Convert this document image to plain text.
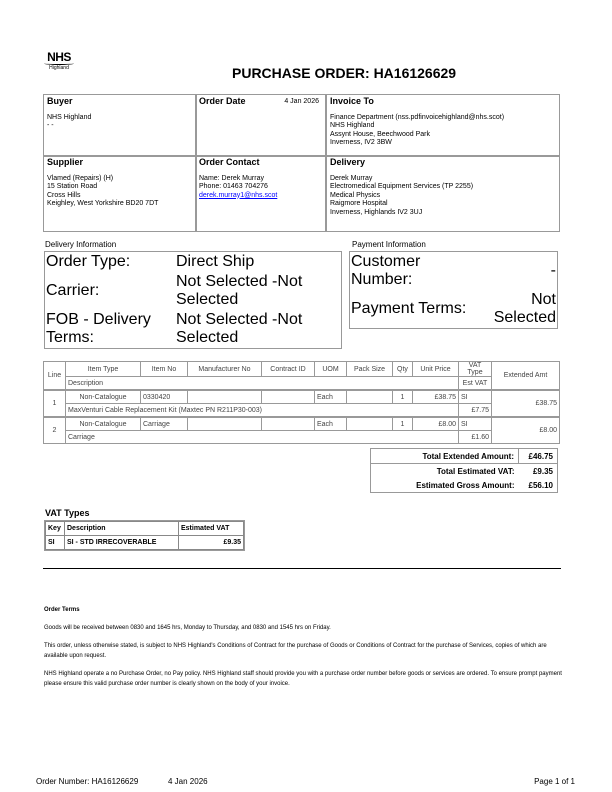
NHS
Highland	PURCHASE ORDER: HA16126629
Buyer
NHS Highland
- -
Order Date	4 Jan 2026 Invoice To
Finance Department (nss.pdfinvoicehighland@nhs.scot)
NHS Highland
Assynt House, Beechwood Park
Inverness, IV2 3BW
Supplier
Vlamed (Repairs) (H)
15 Station Road
Cross Hills
Keighley, West Yorkshire BD20 7DT
Order Contact
Name: Derek Murray
Phone: 01463 704276
derek.murray1@nhs.scot
Delivery
Derek Murray
Electromedical Equipment Services (TP 2255)
Medical Physics
Raigmore Hospital
Inverness, Highlands IV2 3UJ
Delivery Information
Order Type:	Direct Ship
Carrier:	Not Selected -Not Selected
FOB - Delivery Terms:	Not Selected -Not Selected
Payment Information
Customer Number:	-
Payment Terms:	Not Selected
Line	Item Type	Item No	Manufacturer No	Contract ID	UOM	Pack Size	Qty	Unit Price	VAT Type	Extended Amt
	Description								Est VAT	
1	Non-Catalogue	0330420			Each		1	£38.75	SI	£38.75
	MaxVenturi Cable Replacement Kit (Maxtec PN R211P30-003)								£7.75	
2	Non-Catalogue	Carriage			Each		1	£8.00	SI	£8.00
	Carriage								£1.60	
Total Extended Amount:	£46.75
Total Estimated VAT:	£9.35
Estimated Gross Amount:	£56.10
VAT Types
Key	Description	Estimated VAT
SI	SI - STD IRRECOVERABLE	£9.35
Order Terms
Goods will be received between 0830 and 1645 hrs, Monday to Thursday, and 0830 and 1545 hrs on Friday.
This order, unless otherwise stated, is subject to NHS Highland's Conditions of Contract for the purchase of Goods or Conditions of Contract for the purchase of Services, copies of which are available upon request.
NHS Highland operate a no Purchase Order, no Pay policy. NHS Highland staff should provide you with a purchase order number before goods or services are ordered. To ensure prompt payment please ensure this valid purchase order number is clearly shown on the body of your invoice.
Order Number: HA16126629	4 Jan 2026	Page 1 of 1
